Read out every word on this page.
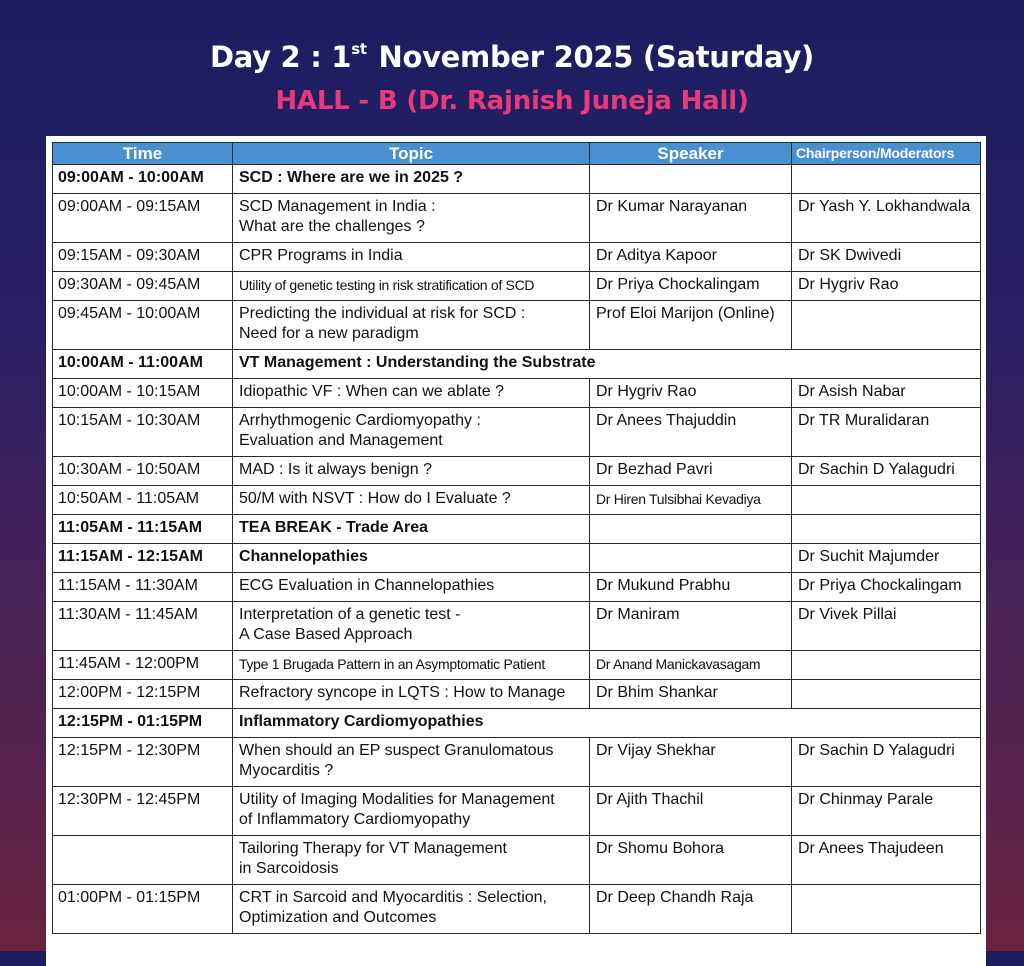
Day 2 : 1st November 2025 (Saturday)
HALL - B (Dr. Rajnish Juneja Hall)
Time	Topic	Speaker	Chairperson/Moderators
09:00AM - 10:00AM	SCD : Where are we in 2025 ?		
09:00AM - 09:15AM	SCD Management in India :
What are the challenges ?	Dr Kumar Narayanan	Dr Yash Y. Lokhandwala
09:15AM - 09:30AM	CPR Programs in India	Dr Aditya Kapoor	Dr SK Dwivedi
09:30AM - 09:45AM	Utility of genetic testing in risk stratification of SCD	Dr Priya Chockalingam	Dr Hygriv Rao
09:45AM - 10:00AM	Predicting the individual at risk for SCD :
Need for a new paradigm	Prof Eloi Marijon (Online)	
10:00AM - 11:00AM	VT Management : Understanding the Substrate		
10:00AM - 10:15AM	Idiopathic VF : When can we ablate ?	Dr Hygriv Rao	Dr Asish Nabar
10:15AM - 10:30AM	Arrhythmogenic Cardiomyopathy :
Evaluation and Management	Dr Anees Thajuddin	Dr TR Muralidaran
10:30AM - 10:50AM	MAD : Is it always benign ?	Dr Bezhad Pavri	Dr Sachin D Yalagudri
10:50AM - 11:05AM	50/M with NSVT : How do I Evaluate ?	Dr Hiren Tulsibhai Kevadiya	
11:05AM - 11:15AM	TEA BREAK - Trade Area		
11:15AM - 12:15AM	Channelopathies		Dr Suchit Majumder
11:15AM - 11:30AM	ECG Evaluation in Channelopathies	Dr Mukund Prabhu	Dr Priya Chockalingam
11:30AM - 11:45AM	Interpretation of a genetic test -
A Case Based Approach	Dr Maniram	Dr Vivek Pillai
11:45AM - 12:00PM	Type 1 Brugada Pattern in an Asymptomatic Patient	Dr Anand Manickavasagam	
12:00PM - 12:15PM	Refractory syncope in LQTS : How to Manage	Dr Bhim Shankar	
12:15PM - 01:15PM	Inflammatory Cardiomyopathies		
12:15PM - 12:30PM	When should an EP suspect Granulomatous
Myocarditis ?	Dr Vijay Shekhar	Dr Sachin D Yalagudri
12:30PM - 12:45PM	Utility of Imaging Modalities for Management
of Inflammatory Cardiomyopathy	Dr Ajith Thachil	Dr Chinmay Parale

	Tailoring Therapy for VT Management
in Sarcoidosis	Dr Shomu Bohora	Dr Anees Thajudeen
01:00PM - 01:15PM	CRT in Sarcoid and Myocarditis : Selection,
Optimization and Outcomes	Dr Deep Chandh Raja	
